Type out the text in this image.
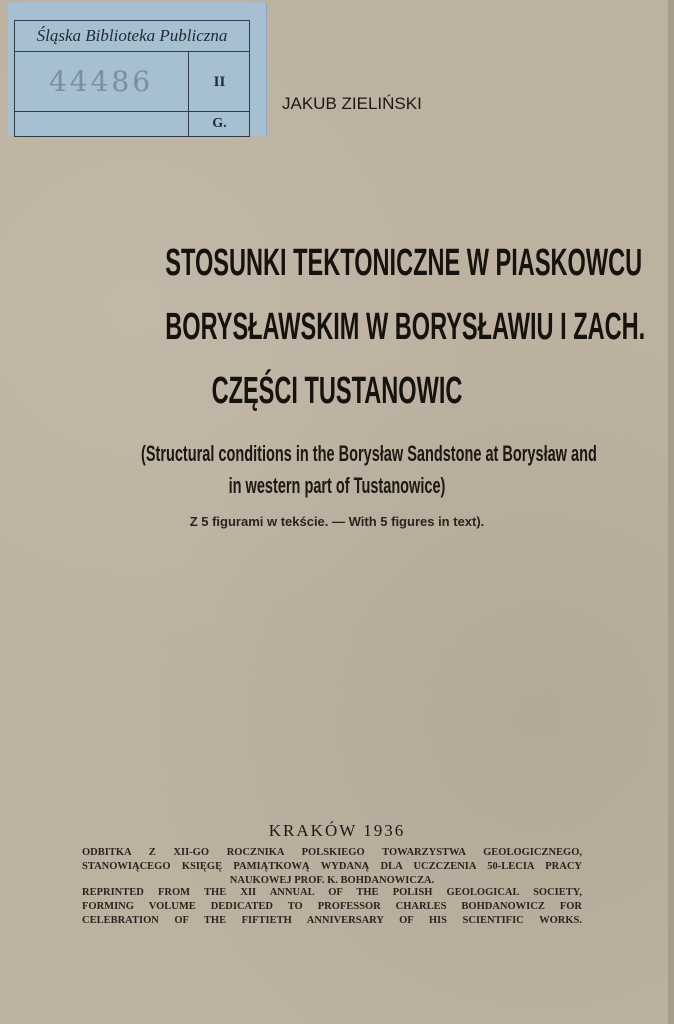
Śląska Biblioteka Publiczna
44486	II
G.
JAKUB ZIELIŃSKI
STOSUNKI TEKTONICZNE W PIASKOWCU
BORYSŁAWSKIM W BORYSŁAWIU I ZACH.
CZĘŚCI TUSTANOWIC
(Structural conditions in the Borysław Sandstone at Borysław and
in western part of Tustanowice)
Z 5 figurami w tekście. — With 5 figures in text).
KRAKÓW 1936
ODBITKA Z XII-GO ROCZNIKA POLSKIEGO TOWARZYSTWA GEOLOGICZNEGO,
STANOWIĄCEGO KSIĘGĘ PAMIĄTKOWĄ WYDANĄ DLA UCZCZENIA 50-LECIA PRACY
NAUKOWEJ PROF. K. BOHDANOWICZA.
REPRINTED FROM THE XII ANNUAL OF THE POLISH GEOLOGICAL SOCIETY,
FORMING VOLUME DEDICATED TO PROFESSOR CHARLES BOHDANOWICZ FOR
CELEBRATION OF THE FIFTIETH ANNIVERSARY OF HIS SCIENTIFIC WORKS.
